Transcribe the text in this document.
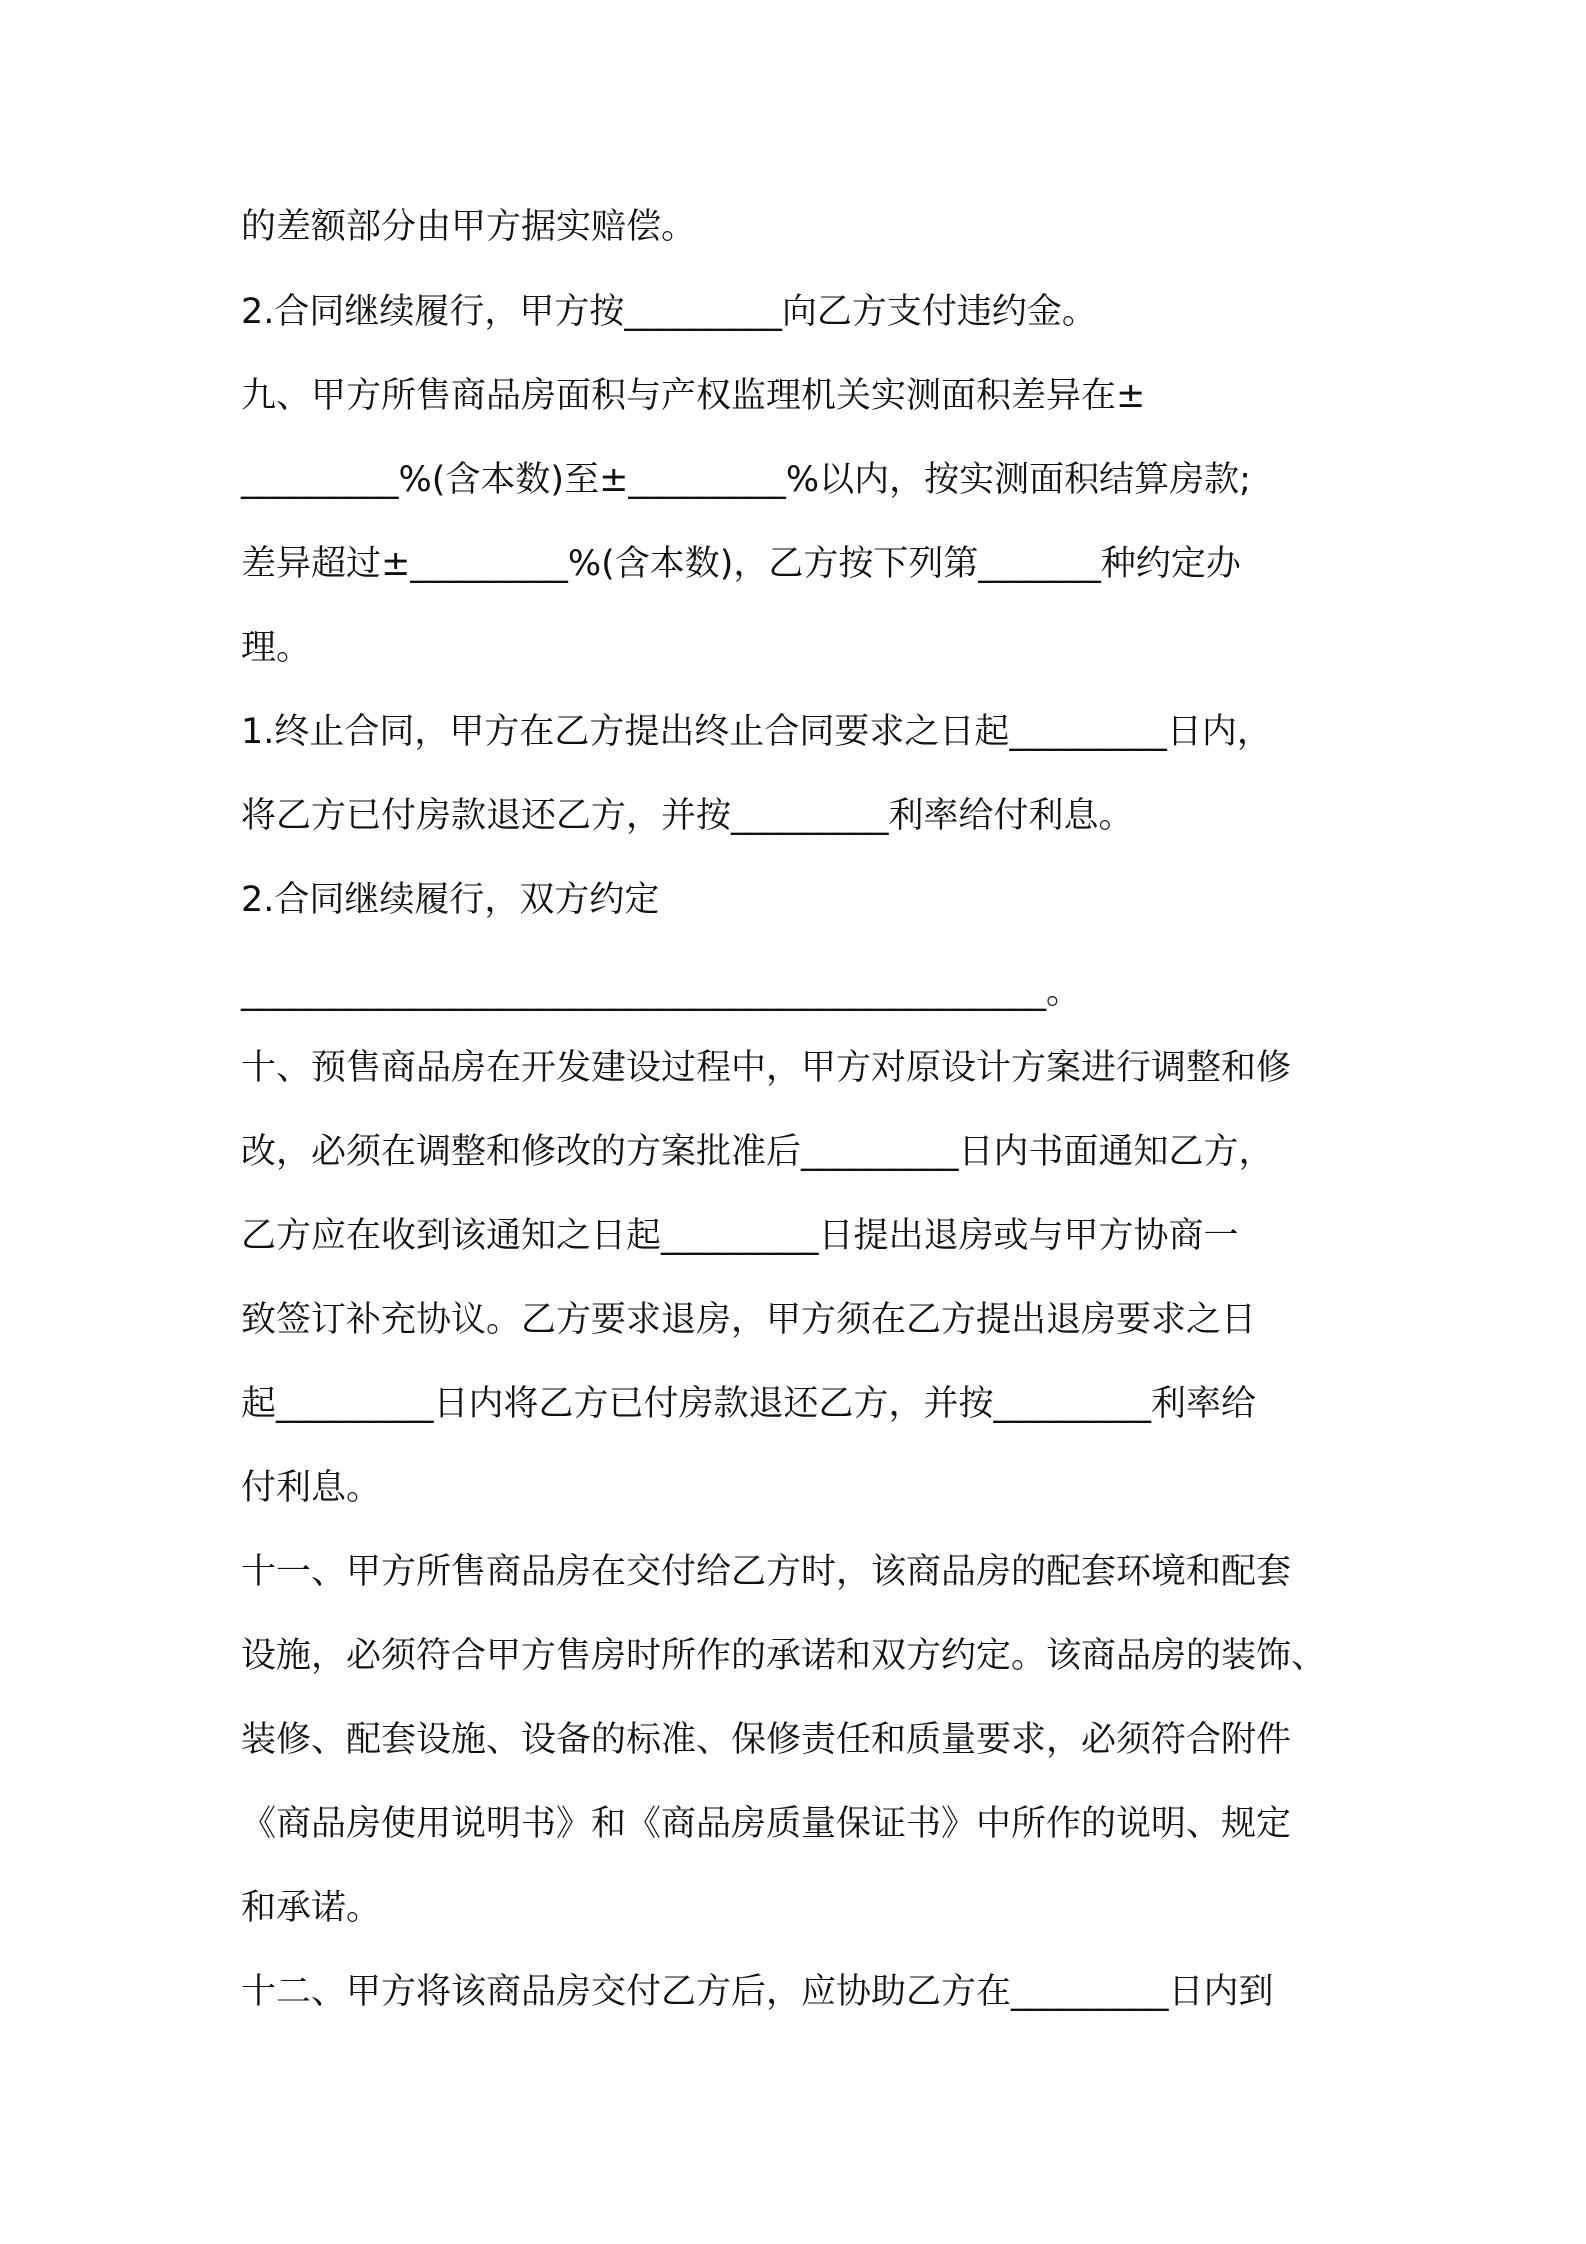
的差额部分由甲方据实赔偿。
2.合同继续履行，甲方按_________向乙方支付违约金。
九、甲方所售商品房面积与产权监理机关实测面积差异在±
_________%(含本数)至±_________%以内，按实测面积结算房款;
差异超过±_________%(含本数)，乙方按下列第_______种约定办
理。
1.终止合同，甲方在乙方提出终止合同要求之日起_________日内，
将乙方已付房款退还乙方，并按_________利率给付利息。
2.合同继续履行，双方约定
______________________________________________。
十、预售商品房在开发建设过程中，甲方对原设计方案进行调整和修
改，必须在调整和修改的方案批准后_________日内书面通知乙方，
乙方应在收到该通知之日起_________日提出退房或与甲方协商一
致签订补充协议。乙方要求退房，甲方须在乙方提出退房要求之日
起_________日内将乙方已付房款退还乙方，并按_________利率给
付利息。
十一、甲方所售商品房在交付给乙方时，该商品房的配套环境和配套
设施，必须符合甲方售房时所作的承诺和双方约定。该商品房的装饰、
装修、配套设施、设备的标准、保修责任和质量要求，必须符合附件
《商品房使用说明书》和《商品房质量保证书》中所作的说明、规定
和承诺。
十二、甲方将该商品房交付乙方后，应协助乙方在_________日内到
